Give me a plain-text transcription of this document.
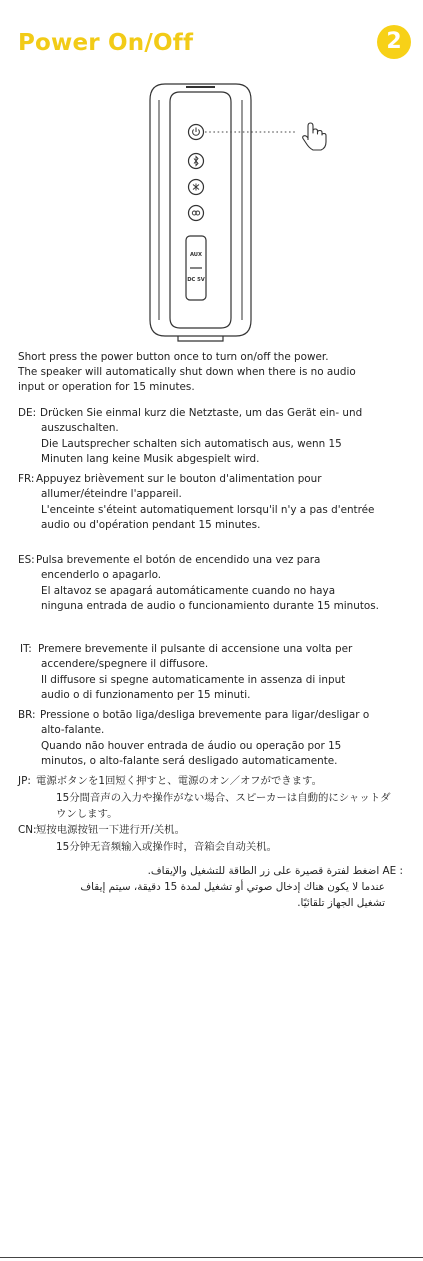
Power On/Off	2
AUX
DC 5V
Short press the power button once to turn on/off the power.
The speaker will automatically shut down when there is no audio
input or operation for 15 minutes.
DE: Drücken Sie einmal kurz die Netztaste, um das Gerät ein- und

auszuschalten.

Die Lautsprecher schalten sich automatisch aus, wenn 15

Minuten lang keine Musik abgespielt wird.

FR: Appuyez brièvement sur le bouton d'alimentation pour

allumer/éteindre l'appareil.

L'enceinte s'éteint automatiquement lorsqu'il n'y a pas d'entrée

audio ou d'opération pendant 15 minutes.

ES: Pulsa brevemente el botón de encendido una vez para

encenderlo o apagarlo.

El altavoz se apagará automáticamente cuando no haya

ninguna entrada de audio o funcionamiento durante 15 minutos.

IT: Premere brevemente il pulsante di accensione una volta per

accendere/spegnere il diffusore.

Il diffusore si spegne automaticamente in assenza di input

audio o di funzionamento per 15 minuti.

BR: Pressione o botão liga/desliga brevemente para ligar/desligar o

alto-falante.

Quando não houver entrada de áudio ou operação por 15

minutos, o alto-falante será desligado automaticamente.

JP: 電源ボタンを1回短く押すと、電源のオン／オフができます。

15分間音声の入力や操作がない場合、スピーカーは自動的にシャットダ

ウンします。

CN: 短按电源按钮一下进行开/关机。

15分钟无音频输入或操作时，音箱会自动关机。

AE : اضغط لفترة قصيرة على زر الطاقة للتشغيل والإيقاف.

عندما لا يكون هناك إدخال صوتي أو تشغيل لمدة 15 دقيقة، سيتم إيقاف

تشغيل الجهاز تلقائيًا.
